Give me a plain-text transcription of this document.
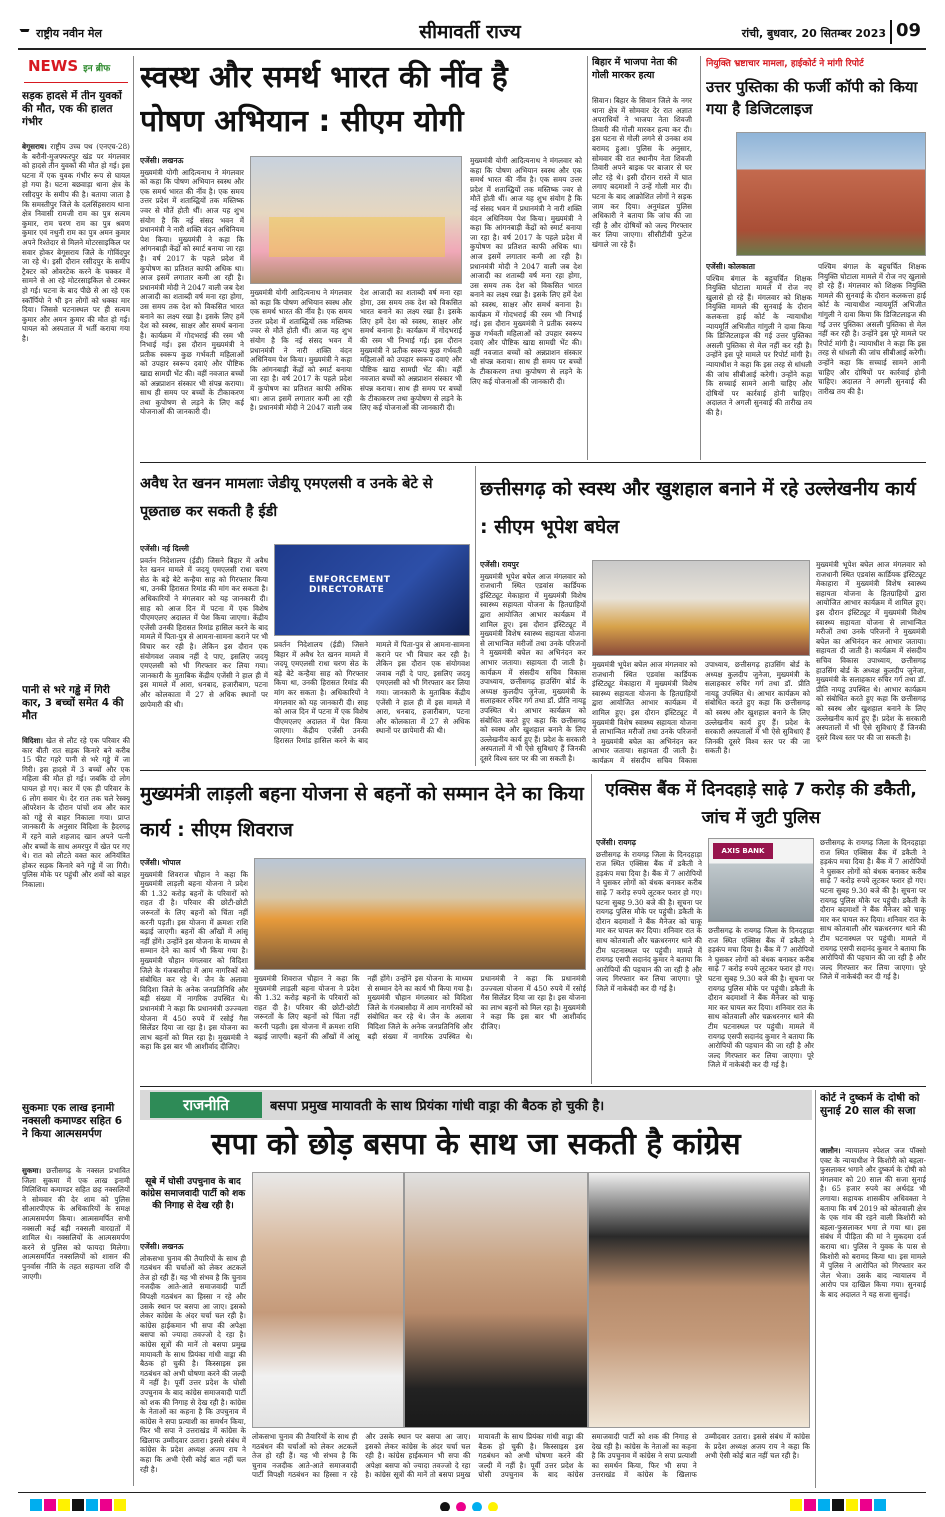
राष्ट्रीय नवीन मेल	सीमावर्ती राज्य	रांची, बुधवार, 20 सितम्बर 2023 09
NEWS इन ब्रीफ
सड़क हादसे में तीन युवकों की मौत, एक की हालत गंभीर
बेगूसराय। राष्ट्रीय उच्च पथ (एनएच-28) के बरौनी-मुजफ्फरपुर खंड पर मंगलवार को हादसे तीन युवकों की मौत हो गई। इस घटना में एक युवक गंभीर रूप से घायल हो गया है। घटना बछवाड़ा थाना क्षेत्र के रसीदपुर के समीप की है। बताया जाता है कि समस्तीपुर जिले के दलसिंहसराय थाना क्षेत्र निवासी रामजी राम का पुत्र सत्यम कुमार, राम चरण राम का पुत्र श्रवण कुमार एवं नथुनी राम का पुत्र अमन कुमार अपने रिश्तेदार से मिलने मोटरसाइकिल पर सवार होकर बेगूसराय जिले के गोविंदपुर जा रहे थे। इसी दौरान रसीदपुर के समीप ट्रैक्टर को ओवरटेक करने के चक्कर में सामने से आ रहे मोटरसाइकिल से टक्कर हो गई। घटना के बाद पीछे से आ रहे एक स्कॉर्पियो ने भी इन लोगों को धक्का मार दिया। जिससे घटनास्थल पर ही सत्यम कुमार और अमन कुमार की मौत हो गई। घायल को अस्पताल में भर्ती कराया गया है।
पानी से भरे गड्ढे में गिरी कार, 3 बच्चों समेत 4 की मौत
विदिशा। खेत से लौट रहे एक परिवार की कार बीती रात सड़क किनारे बने करीब 15 फीट गहरे पानी से भरे गड्ढे में जा गिरी। इस हादसे में 3 बच्चों और एक महिला की मौत हो गई। जबकि दो लोग घायल हो गए। कार में एक ही परिवार के 6 लोग सवार थे। देर रात तक चले रेस्क्यू ऑपरेशन के दौरान पांचों शव और कार को गड्ढे से बाहर निकाला गया। प्राप्त जानकारी के अनुसार विदिशा के हैदरगढ़ में रहने वाले शहजाद खान अपने पत्नी और बच्चों के साथ अमरपुर में खेत पर गए थे। रात को लौटते वक्त कार अनियंत्रित होकर सड़क किनारे बने गड्ढे में जा गिरी। पुलिस मौके पर पहुंची और शवों को बाहर निकाला।
सुकमाः एक लाख इनामी नक्सली कमाण्डर सहित 6 ने किया आत्मसमर्पण
सुकमा। छत्तीसगढ़ के नक्सल प्रभावित जिला सुकमा में एक लाख इनामी मिलिशिया कमाण्डर सहित छह नक्सलियों ने सोमवार की देर शाम को पुलिस सीआरपीएफ के अधिकारियों के समक्ष आत्मसमर्पण किया। आत्मसमर्पित सभी नक्सली कई बड़ी नक्सली वारदातों में शामिल थे। नक्सलियों के आत्मसमर्पण करने से पुलिस को फायदा मिलेगा। आत्मसमर्पित नक्सलियों को शासन की पुनर्वास नीति के तहत सहायता राशि दी जाएगी।
स्वस्थ और समर्थ भारत की नींव है पोषण अभियान : सीएम योगी
एजेंसी। लखनऊ
मुख्यमंत्री योगी आदित्यनाथ ने मंगलवार को कहा कि पोषण अभियान स्वस्थ और एक समर्थ भारत की नींव है। एक समय उत्तर प्रदेश में शताब्द्वियों तक मस्तिष्क ज्वर से मौतें होती थीं। आज यह शुभ संयोग है कि नई संसद भवन में प्रधानमंत्री ने नारी शक्ति वंदन अधिनियम पेश किया। मुख्यमंत्री ने कहा कि आंगनबाड़ी केंद्रों को स्मार्ट बनाया जा रहा है। वर्ष 2017 के पहले प्रदेश में कुपोषण का प्रतिशत काफी अधिक था। आज इसमें लगातार कमी आ रही है। प्रधानमंत्री मोदी ने 2047 वाली जब देश आजादी का शताब्दी वर्ष मना रहा होगा, उस समय तक देश को विकसित भारत बनाने का लक्ष्य रखा है। इसके लिए हमें देश को स्वस्थ, साक्षर और समर्थ बनाना है। कार्यक्रम में गोदभराई की रस्म भी निभाई गई। इस दौरान मुख्यमंत्री ने प्रतीक स्वरूप कुछ गर्भवती महिलाओं को उपहार स्वरूप दवाएं और पौष्टिक खाद्य सामग्री भेंट की। वहीं नवजात बच्चों को अन्नप्राशन संस्कार भी संपन्न कराया। साथ ही समय पर बच्चों के टीकाकरण तथा कुपोषण से लड़ने के लिए कई योजनाओं की जानकारी दी।
मुख्यमंत्री योगी आदित्यनाथ ने मंगलवार को कहा कि पोषण अभियान स्वस्थ और एक समर्थ भारत की नींव है। एक समय उत्तर प्रदेश में शताब्द्वियों तक मस्तिष्क ज्वर से मौतें होती थीं। आज यह शुभ संयोग है कि नई संसद भवन में प्रधानमंत्री ने नारी शक्ति वंदन अधिनियम पेश किया। मुख्यमंत्री ने कहा कि आंगनबाड़ी केंद्रों को स्मार्ट बनाया जा रहा है। वर्ष 2017 के पहले प्रदेश में कुपोषण का प्रतिशत काफी अधिक था। आज इसमें लगातार कमी आ रही है। प्रधानमंत्री मोदी ने 2047 वाली जब देश आजादी का शताब्दी वर्ष मना रहा होगा, उस समय तक देश को विकसित भारत बनाने का लक्ष्य रखा है। इसके लिए हमें देश को स्वस्थ, साक्षर और समर्थ बनाना है। कार्यक्रम में गोदभराई की रस्म भी निभाई गई। इस दौरान मुख्यमंत्री ने प्रतीक स्वरूप कुछ गर्भवती महिलाओं को उपहार स्वरूप दवाएं और पौष्टिक खाद्य सामग्री भेंट की। वहीं नवजात बच्चों को अन्नप्राशन संस्कार भी संपन्न कराया। साथ ही समय पर बच्चों के टीकाकरण तथा कुपोषण से लड़ने के लिए कई योजनाओं की जानकारी दी।
मुख्यमंत्री योगी आदित्यनाथ ने मंगलवार को कहा कि पोषण अभियान स्वस्थ और एक समर्थ भारत की नींव है। एक समय उत्तर प्रदेश में शताब्द्वियों तक मस्तिष्क ज्वर से मौतें होती थीं। आज यह शुभ संयोग है कि नई संसद भवन में प्रधानमंत्री ने नारी शक्ति वंदन अधिनियम पेश किया। मुख्यमंत्री ने कहा कि आंगनबाड़ी केंद्रों को स्मार्ट बनाया जा रहा है। वर्ष 2017 के पहले प्रदेश में कुपोषण का प्रतिशत काफी अधिक था। आज इसमें लगातार कमी आ रही है। प्रधानमंत्री मोदी ने 2047 वाली जब देश आजादी का शताब्दी वर्ष मना रहा होगा, उस समय तक देश को विकसित भारत बनाने का लक्ष्य रखा है। इसके लिए हमें देश को स्वस्थ, साक्षर और समर्थ बनाना है। कार्यक्रम में गोदभराई की रस्म भी निभाई गई। इस दौरान मुख्यमंत्री ने प्रतीक स्वरूप कुछ गर्भवती महिलाओं को उपहार स्वरूप दवाएं और पौष्टिक खाद्य सामग्री भेंट की। वहीं नवजात बच्चों को अन्नप्राशन संस्कार भी संपन्न कराया। साथ ही समय पर बच्चों के टीकाकरण तथा कुपोषण से लड़ने के लिए कई योजनाओं की जानकारी दी।
बिहार में भाजपा नेता की गोली मारकर हत्या
सिवान। बिहार के सिवान जिले के नगर थाना क्षेत्र में सोमवार देर रात अज्ञात अपराधियों ने भाजपा नेता शिवजी तिवारी की गोली मारकर हत्या कर दी। इस घटना से गोली लगने से उनका शव बरामद हुआ। पुलिस के अनुसार, सोमवार की रात स्थानीय नेता शिवजी तिवारी अपने बाइक पर बाजार से घर लौट रहे थे। इसी दौरान रास्ते में घात लगाए बदमाशों ने उन्हें गोली मार दी। घटना के बाद आक्रोशित लोगों ने सड़क जाम कर दिया। अनुमंडल पुलिस अधिकारी ने बताया कि जांच की जा रही है और दोषियों को जल्द गिरफ्तार कर लिया जाएगा। सीसीटीवी फुटेज खंगाले जा रहे हैं।
नियुक्ति भ्रष्टाचार मामला, हाईकोर्ट ने मांगी रिपोर्ट
उत्तर पुस्तिका की फर्जी कॉपी को किया गया है डिजिटलाइज
एजेंसी। कोलकाता
पश्चिम बंगाल के बहुचर्चित शिक्षक नियुक्ति घोटाला मामले में रोज नए खुलासे हो रहे हैं। मंगलवार को शिक्षक नियुक्ति मामले की सुनवाई के दौरान कलकत्ता हाई कोर्ट के न्यायाधीश न्यायमूर्ति अभिजीत गांगुली ने दावा किया कि डिजिटलाइज की गई उत्तर पुस्तिका असली पुस्तिका से मेल नहीं कर रही है। उन्होंने इस पूरे मामले पर रिपोर्ट मांगी है। न्यायाधीश ने कहा कि इस तरह से धांधली की जांच सीबीआई करेगी। उन्होंने कहा कि सच्चाई सामने आनी चाहिए और दोषियों पर कार्रवाई होनी चाहिए। अदालत ने अगली सुनवाई की तारीख तय की है।
पश्चिम बंगाल के बहुचर्चित शिक्षक नियुक्ति घोटाला मामले में रोज नए खुलासे हो रहे हैं। मंगलवार को शिक्षक नियुक्ति मामले की सुनवाई के दौरान कलकत्ता हाई कोर्ट के न्यायाधीश न्यायमूर्ति अभिजीत गांगुली ने दावा किया कि डिजिटलाइज की गई उत्तर पुस्तिका असली पुस्तिका से मेल नहीं कर रही है। उन्होंने इस पूरे मामले पर रिपोर्ट मांगी है। न्यायाधीश ने कहा कि इस तरह से धांधली की जांच सीबीआई करेगी। उन्होंने कहा कि सच्चाई सामने आनी चाहिए और दोषियों पर कार्रवाई होनी चाहिए। अदालत ने अगली सुनवाई की तारीख तय की है।
अवैध रेत खनन मामलाः जेडीयू एमएलसी व उनके बेटे से पूछताछ कर सकती है ईडी
एजेंसी। नई दिल्ली
प्रवर्तन निदेशालय (ईडी) जिसने बिहार में अवैध रेत खनन मामले में जदयू एमएलसी राधा चरण सेठ के बड़े बेटे कन्हैया साह को गिरफ्तार किया था, उनकी हिरासत रिमांड की मांग कर सकता है। अधिकारियों ने मंगलवार को यह जानकारी दी। साह को आज दिन में पटना में एक विशेष पीएमएलए अदालत में पेश किया जाएगा। केंद्रीय एजेंसी उनकी हिरासत रिमांड हासिल करने के बाद मामले में पिता-पुत्र से आमना-सामना कराने पर भी विचार कर रही है। लेकिन इस दौरान एक संयोगवश जवाब नहीं दे पाए, इसलिए जदयू एमएलसी को भी गिरफ्तार कर लिया गया। जानकारी के मुताबिक केंद्रीय एजेंसी ने हाल ही में इस मामले में आरा, धनबाद, हजारीबाग, पटना और कोलकाता में 27 से अधिक स्थानों पर छापेमारी की थी।
ENFORCEMENT DIRECTORATE
प्रवर्तन निदेशालय (ईडी) जिसने बिहार में अवैध रेत खनन मामले में जदयू एमएलसी राधा चरण सेठ के बड़े बेटे कन्हैया साह को गिरफ्तार किया था, उनकी हिरासत रिमांड की मांग कर सकता है। अधिकारियों ने मंगलवार को यह जानकारी दी। साह को आज दिन में पटना में एक विशेष पीएमएलए अदालत में पेश किया जाएगा। केंद्रीय एजेंसी उनकी हिरासत रिमांड हासिल करने के बाद मामले में पिता-पुत्र से आमना-सामना कराने पर भी विचार कर रही है। लेकिन इस दौरान एक संयोगवश जवाब नहीं दे पाए, इसलिए जदयू एमएलसी को भी गिरफ्तार कर लिया गया। जानकारी के मुताबिक केंद्रीय एजेंसी ने हाल ही में इस मामले में आरा, धनबाद, हजारीबाग, पटना और कोलकाता में 27 से अधिक स्थानों पर छापेमारी की थी।
छत्तीसगढ़ को स्वस्थ और खुशहाल बनाने में रहे उल्लेखनीय कार्य : सीएम भूपेश बघेल
एजेंसी। रायपुर
मुख्यमंत्री भूपेश बघेल आज मंगलवार को राजधानी स्थित एडवांस कार्डियक इंस्टिट्यूट मेकाहारा में मुख्यमंत्री विशेष स्वास्थ्य सहायता योजना के हितग्राहियों द्वारा आयोजित आभार कार्यक्रम में शामिल हुए। इस दौरान इंस्टिट्यूट में मुख्यमंत्री विशेष स्वास्थ्य सहायता योजना से लाभान्वित मरीजों तथा उनके परिजनों ने मुख्यमंत्री बघेल का अभिनंदन कर आभार जताया। सहायता दी जाती है। कार्यक्रम में संसदीय सचिव विकास उपाध्याय, छत्तीसगढ़ हाउसिंग बोर्ड के अध्यक्ष कुलदीप जुनेजा, मुख्यमंत्री के सलाहकार रुचिर गर्ग तथा डॉ. प्रीति नायडू उपस्थित थे। आभार कार्यक्रम को संबोधित करते हुए कहा कि छत्तीसगढ़ को स्वस्थ और खुशहाल बनाने के लिए उल्लेखनीय कार्य हुए हैं। प्रदेश के सरकारी अस्पतालों में भी ऐसे सुविधाएं हैं जिनकी दूसरे विश्व स्तर पर की जा सकती है।
मुख्यमंत्री भूपेश बघेल आज मंगलवार को राजधानी स्थित एडवांस कार्डियक इंस्टिट्यूट मेकाहारा में मुख्यमंत्री विशेष स्वास्थ्य सहायता योजना के हितग्राहियों द्वारा आयोजित आभार कार्यक्रम में शामिल हुए। इस दौरान इंस्टिट्यूट में मुख्यमंत्री विशेष स्वास्थ्य सहायता योजना से लाभान्वित मरीजों तथा उनके परिजनों ने मुख्यमंत्री बघेल का अभिनंदन कर आभार जताया। सहायता दी जाती है। कार्यक्रम में संसदीय सचिव विकास उपाध्याय, छत्तीसगढ़ हाउसिंग बोर्ड के अध्यक्ष कुलदीप जुनेजा, मुख्यमंत्री के सलाहकार रुचिर गर्ग तथा डॉ. प्रीति नायडू उपस्थित थे। आभार कार्यक्रम को संबोधित करते हुए कहा कि छत्तीसगढ़ को स्वस्थ और खुशहाल बनाने के लिए उल्लेखनीय कार्य हुए हैं। प्रदेश के सरकारी अस्पतालों में भी ऐसे सुविधाएं हैं जिनकी दूसरे विश्व स्तर पर की जा सकती है।
मुख्यमंत्री भूपेश बघेल आज मंगलवार को राजधानी स्थित एडवांस कार्डियक इंस्टिट्यूट मेकाहारा में मुख्यमंत्री विशेष स्वास्थ्य सहायता योजना के हितग्राहियों द्वारा आयोजित आभार कार्यक्रम में शामिल हुए। इस दौरान इंस्टिट्यूट में मुख्यमंत्री विशेष स्वास्थ्य सहायता योजना से लाभान्वित मरीजों तथा उनके परिजनों ने मुख्यमंत्री बघेल का अभिनंदन कर आभार जताया। सहायता दी जाती है। कार्यक्रम में संसदीय सचिव विकास उपाध्याय, छत्तीसगढ़ हाउसिंग बोर्ड के अध्यक्ष कुलदीप जुनेजा, मुख्यमंत्री के सलाहकार रुचिर गर्ग तथा डॉ. प्रीति नायडू उपस्थित थे। आभार कार्यक्रम को संबोधित करते हुए कहा कि छत्तीसगढ़ को स्वस्थ और खुशहाल बनाने के लिए उल्लेखनीय कार्य हुए हैं। प्रदेश के सरकारी अस्पतालों में भी ऐसे सुविधाएं हैं जिनकी दूसरे विश्व स्तर पर की जा सकती है।
मुख्यमंत्री लाड़ली बहना योजना से बहनों को सम्मान देने का किया कार्य : सीएम शिवराज
एजेंसी। भोपाल
मुख्यमंत्री शिवराज चौहान ने कहा कि मुख्यमंत्री लाड़ली बहना योजना ने प्रदेश की 1.32 करोड़ बहनों के परिवारों को राहत दी है। परिवार की छोटी-छोटी जरूरतों के लिए बहनों को चिंता नहीं करनी पड़ती। इस योजना में क्रमशः राशि बढ़ाई जाएगी। बहनों की आँखों में आंसू नहीं होंगे। उन्होंने इस योजना के माध्यम से सम्मान देने का कार्य भी किया गया है। मुख्यमंत्री चौहान मंगलवार को विदिशा जिले के गंजबासौदा में आम नागरिकों को संबोधित कर रहे थे। जैन के अलावा विदिशा जिले के अनेक जनप्रतिनिधि और बड़ी संख्या में नागरिक उपस्थित थे। प्रधानमंत्री ने कहा कि प्रधानमंत्री उज्ज्वला योजना में 450 रुपये में रसोई गैस सिलेंडर दिया जा रहा है। इस योजना का लाभ बहनों को मिल रहा है। मुख्यमंत्री ने कहा कि इस बार भी आशीर्वाद दीजिए।
मुख्यमंत्री शिवराज चौहान ने कहा कि मुख्यमंत्री लाड़ली बहना योजना ने प्रदेश की 1.32 करोड़ बहनों के परिवारों को राहत दी है। परिवार की छोटी-छोटी जरूरतों के लिए बहनों को चिंता नहीं करनी पड़ती। इस योजना में क्रमशः राशि बढ़ाई जाएगी। बहनों की आँखों में आंसू नहीं होंगे। उन्होंने इस योजना के माध्यम से सम्मान देने का कार्य भी किया गया है। मुख्यमंत्री चौहान मंगलवार को विदिशा जिले के गंजबासौदा में आम नागरिकों को संबोधित कर रहे थे। जैन के अलावा विदिशा जिले के अनेक जनप्रतिनिधि और बड़ी संख्या में नागरिक उपस्थित थे। प्रधानमंत्री ने कहा कि प्रधानमंत्री उज्ज्वला योजना में 450 रुपये में रसोई गैस सिलेंडर दिया जा रहा है। इस योजना का लाभ बहनों को मिल रहा है। मुख्यमंत्री ने कहा कि इस बार भी आशीर्वाद दीजिए।
एक्सिस बैंक में दिनदहाड़े साढ़े 7 करोड़ की डकैती, जांच में जुटी पुलिस
एजेंसी। रायगढ़
छत्तीसगढ़ के रायगढ़ जिला के दिनदहाड़ा राज स्थित एक्सिस बैंक में डकैती ने हड़कंप मचा दिया है। बैंक में 7 आरोपियों ने घुसकर लोगों को बंधक बनाकर करीब साढ़े 7 करोड़ रुपये लूटकर फरार हो गए। घटना सुबह 9.30 बजे की है। सूचना पर रायगढ़ पुलिस मौके पर पहुंची। डकैती के दौरान बदमाशों ने बैंक मैनेजर को चाकू मार कर घायल कर दिया। शनिवार रात के साथ कोतवाली और चक्रधरनगर थाने की टीम घटनास्थल पर पहुंची। मामले में रायगढ़ एसपी सदानंद कुमार ने बताया कि आरोपियों की पहचान की जा रही है और जल्द गिरफ्तार कर लिया जाएगा। पूरे जिले में नाकेबंदी कर दी गई है।
AXIS BANK
छत्तीसगढ़ के रायगढ़ जिला के दिनदहाड़ा राज स्थित एक्सिस बैंक में डकैती ने हड़कंप मचा दिया है। बैंक में 7 आरोपियों ने घुसकर लोगों को बंधक बनाकर करीब साढ़े 7 करोड़ रुपये लूटकर फरार हो गए। घटना सुबह 9.30 बजे की है। सूचना पर रायगढ़ पुलिस मौके पर पहुंची। डकैती के दौरान बदमाशों ने बैंक मैनेजर को चाकू मार कर घायल कर दिया। शनिवार रात के साथ कोतवाली और चक्रधरनगर थाने की टीम घटनास्थल पर पहुंची। मामले में रायगढ़ एसपी सदानंद कुमार ने बताया कि आरोपियों की पहचान की जा रही है और जल्द गिरफ्तार कर लिया जाएगा। पूरे जिले में नाकेबंदी कर दी गई है।
छत्तीसगढ़ के रायगढ़ जिला के दिनदहाड़ा राज स्थित एक्सिस बैंक में डकैती ने हड़कंप मचा दिया है। बैंक में 7 आरोपियों ने घुसकर लोगों को बंधक बनाकर करीब साढ़े 7 करोड़ रुपये लूटकर फरार हो गए। घटना सुबह 9.30 बजे की है। सूचना पर रायगढ़ पुलिस मौके पर पहुंची। डकैती के दौरान बदमाशों ने बैंक मैनेजर को चाकू मार कर घायल कर दिया। शनिवार रात के साथ कोतवाली और चक्रधरनगर थाने की टीम घटनास्थल पर पहुंची। मामले में रायगढ़ एसपी सदानंद कुमार ने बताया कि आरोपियों की पहचान की जा रही है और जल्द गिरफ्तार कर लिया जाएगा। पूरे जिले में नाकेबंदी कर दी गई है।
राजनीति	बसपा प्रमुख मायावती के साथ प्रियंका गांधी वाड्रा की बैठक हो चुकी है।
सपा को छोड़ बसपा के साथ जा सकती है कांग्रेस
सूबे में घोसी उपचुनाव के बाद कांग्रेस समाजवादी पार्टी को शक की निगाह से देख रही है।
एजेंसी। लखनऊ
लोकसभा चुनाव की तैयारियों के साथ ही गठबंधन की चर्चाओं को लेकर अटकलें तेज हो रही हैं। यह भी संभव है कि चुनाव नजदीक आते-आते समाजवादी पार्टी विपक्षी गठबंधन का हिस्सा न रहे और उसके स्थान पर बसपा आ जाए। इसको लेकर कांग्रेस के अंदर चर्चा चल रही है। कांग्रेस हाईकमान भी सपा की अपेक्षा बसपा को ज्यादा तवज्जो दे रहा है। कांग्रेस सूत्रों की मानें तो बसपा प्रमुख मायावती के साथ प्रियंका गांधी वाड्रा की बैठक हो चुकी है। किस्साइस इस गठबंधन को अभी घोषणा करने की जल्दी में नहीं है। पूर्वी उत्तर प्रदेश के घोसी उपचुनाव के बाद कांग्रेस समाजवादी पार्टी को शक की निगाह से देख रही है। कांग्रेस के नेताओं का कहना है कि उपचुनाव में कांग्रेस ने सपा प्रत्याशी का समर्थन किया, फिर भी सपा ने उत्तराखंड में कांग्रेस के खिलाफ उम्मीदवार उतारा। इससे संबंध में कांग्रेस के प्रदेश अध्यक्ष अजय राय ने कहा कि अभी ऐसी कोई बात नहीं चल रही है।
लोकसभा चुनाव की तैयारियों के साथ ही गठबंधन की चर्चाओं को लेकर अटकलें तेज हो रही हैं। यह भी संभव है कि चुनाव नजदीक आते-आते समाजवादी पार्टी विपक्षी गठबंधन का हिस्सा न रहे और उसके स्थान पर बसपा आ जाए। इसको लेकर कांग्रेस के अंदर चर्चा चल रही है। कांग्रेस हाईकमान भी सपा की अपेक्षा बसपा को ज्यादा तवज्जो दे रहा है। कांग्रेस सूत्रों की मानें तो बसपा प्रमुख मायावती के साथ प्रियंका गांधी वाड्रा की बैठक हो चुकी है। किस्साइस इस गठबंधन को अभी घोषणा करने की जल्दी में नहीं है। पूर्वी उत्तर प्रदेश के घोसी उपचुनाव के बाद कांग्रेस समाजवादी पार्टी को शक की निगाह से देख रही है। कांग्रेस के नेताओं का कहना है कि उपचुनाव में कांग्रेस ने सपा प्रत्याशी का समर्थन किया, फिर भी सपा ने उत्तराखंड में कांग्रेस के खिलाफ उम्मीदवार उतारा। इससे संबंध में कांग्रेस के प्रदेश अध्यक्ष अजय राय ने कहा कि अभी ऐसी कोई बात नहीं चल रही है।
कोर्ट ने दुष्कर्म के दोषी को सुनाई 20 साल की सजा
जालौन। न्यायालय स्पेशल जज पॉक्सो एक्ट के न्यायाधीश ने किशोरी को बहला-फुसलाकर भगाने और दुष्कर्म के दोषी को मंगलवार को 20 साल की सजा सुनाई है। 65 हजार रुपये का अर्थदंड भी लगाया। सहायक शासकीय अधिवक्ता ने बताया कि वर्ष 2019 को कोतवाली क्षेत्र के एक गांव की रहने वाली किशोरी को बहला-फुसलाकर भगा ले गया था। इस संबंध में पीड़िता की मां ने मुकदमा दर्ज कराया था। पुलिस ने युवक के पास से किशोरी को बरामद किया था। इस मामले में पुलिस ने आरोपित को गिरफ्तार कर जेल भेजा। उसके बाद न्यायालय में आरोप पत्र दाखिल किया गया। सुनवाई के बाद अदालत ने यह सजा सुनाई।
